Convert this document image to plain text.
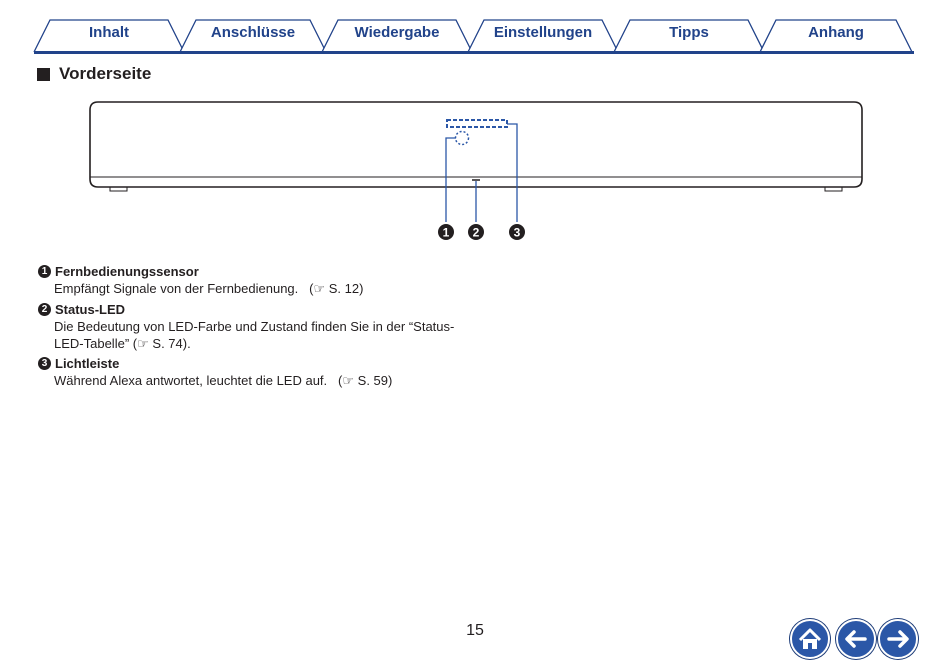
Inhalt	Anschlüsse	Wiedergabe	Einstellungen	Tipps	Anhang
Vorderseite
1 2	3
1 Fernbedienungssensor
Empfängt Signale von der Fernbedienung. (☞ S. 12)
2 Status-LED
Die Bedeutung von LED-Farbe und Zustand finden Sie in der “Status-
LED-Tabelle” (☞ S. 74).
3 Lichtleiste
Während Alexa antwortet, leuchtet die LED auf. (☞ S. 59)
15
